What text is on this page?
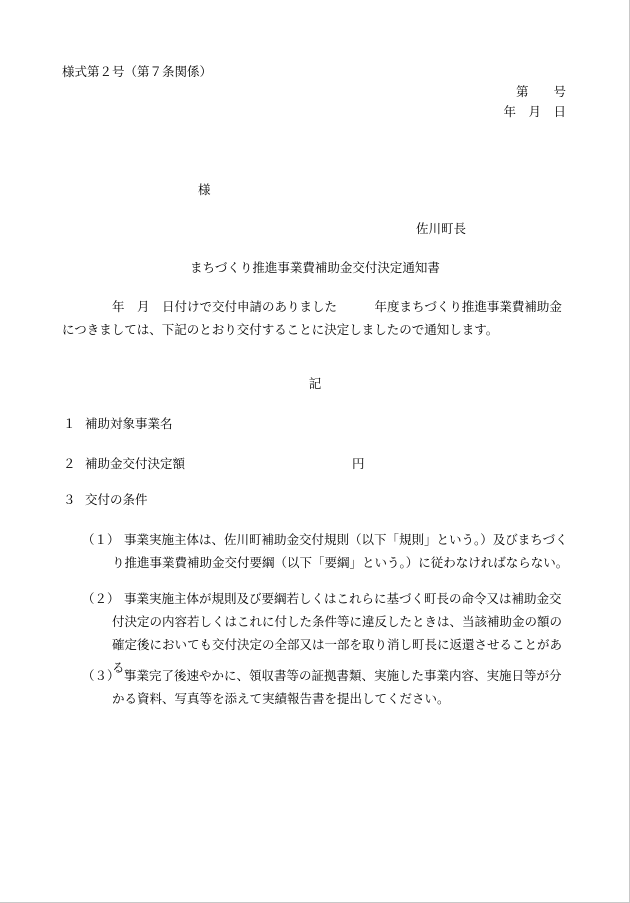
様式第２号（第７条関係）
第　　号
年　月　日
様
佐川町長
まちづくり推進事業費補助金交付決定通知書
年　月　日付けで交付申請のありました　　　年度まちづくり推進事業費補助金
につきましては、下記のとおり交付することに決定しましたので通知します。
記
１ 補助対象事業名
２ 補助金交付決定額	円
３ 交付の条件
（１） 事業実施主体は、佐川町補助金交付規則（以下「規則」という。）及びまちづくり推進事業費補助金交付要綱（以下「要綱」という。）に従わなければならない。
（２） 事業実施主体が規則及び要綱若しくはこれらに基づく町長の命令又は補助金交付決定の内容若しくはこれに付した条件等に違反したときは、当該補助金の額の確定後においても交付決定の全部又は一部を取り消し町長に返還させることがある。
（３） 事業完了後速やかに、領収書等の証拠書類、実施した事業内容、実施日等が分かる資料、写真等を添えて実績報告書を提出してください。
